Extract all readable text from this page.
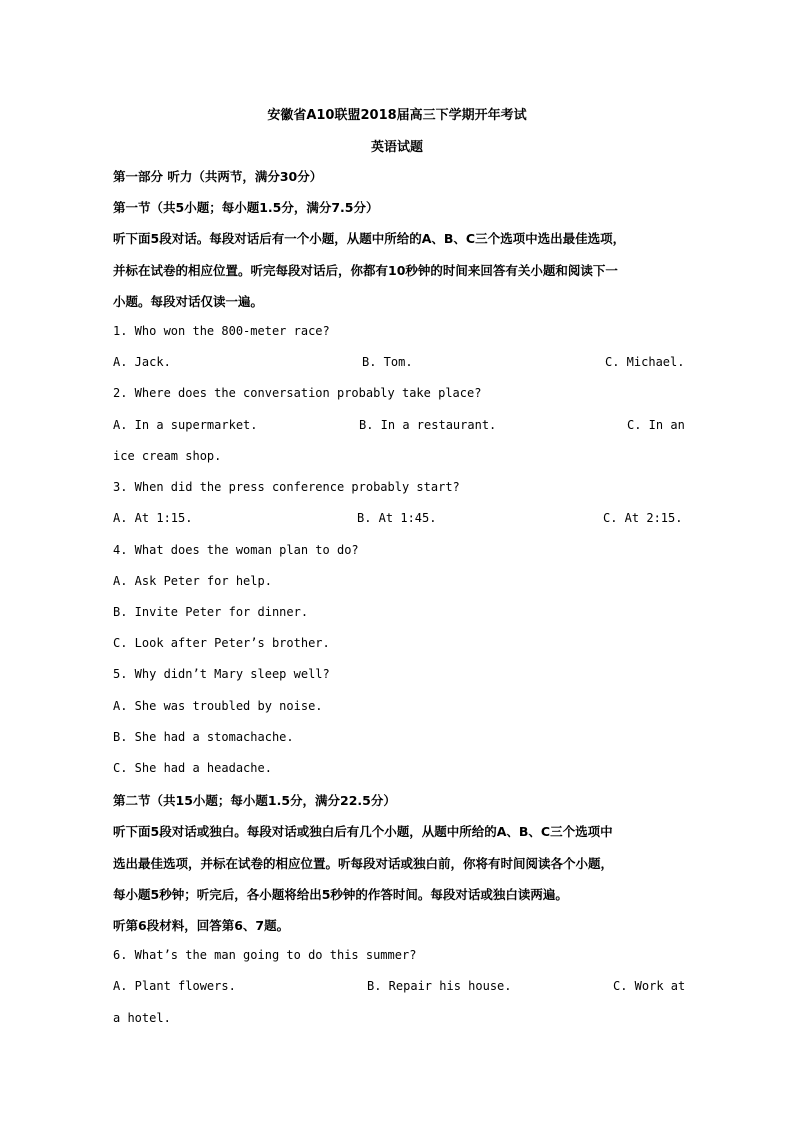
安徽省A10联盟2018届高三下学期开年考试
英语试题
第一部分 听力（共两节，满分30分）
第一节（共5小题；每小题1.5分，满分7.5分）
听下面5段对话。每段对话后有一个小题，从题中所给的A、B、C三个选项中选出最佳选项，
并标在试卷的相应位置。听完每段对话后，你都有10秒钟的时间来回答有关小题和阅读下一
小题。每段对话仅读一遍。
1. Who won the 800-meter race?
A. Jack.	B. Tom.	C. Michael.
2. Where does the conversation probably take place?
A. In a supermarket.	B. In a restaurant.	C. In an
ice cream shop.
3. When did the press conference probably start?
A. At 1:15.	B. At 1:45.	C. At 2:15.
4. What does the woman plan to do?
A. Ask Peter for help.
B. Invite Peter for dinner.
C. Look after Peter’s brother.
5. Why didn’t Mary sleep well?
A. She was troubled by noise.
B. She had a stomachache.
C. She had a headache.
第二节（共15小题；每小题1.5分，满分22.5分）
听下面5段对话或独白。每段对话或独白后有几个小题，从题中所给的A、B、C三个选项中
选出最佳选项，并标在试卷的相应位置。听每段对话或独白前，你将有时间阅读各个小题，
每小题5秒钟；听完后，各小题将给出5秒钟的作答时间。每段对话或独白读两遍。
听第6段材料，回答第6、7题。
6. What’s the man going to do this summer?
A. Plant flowers.	B. Repair his house.	C. Work at
a hotel.
